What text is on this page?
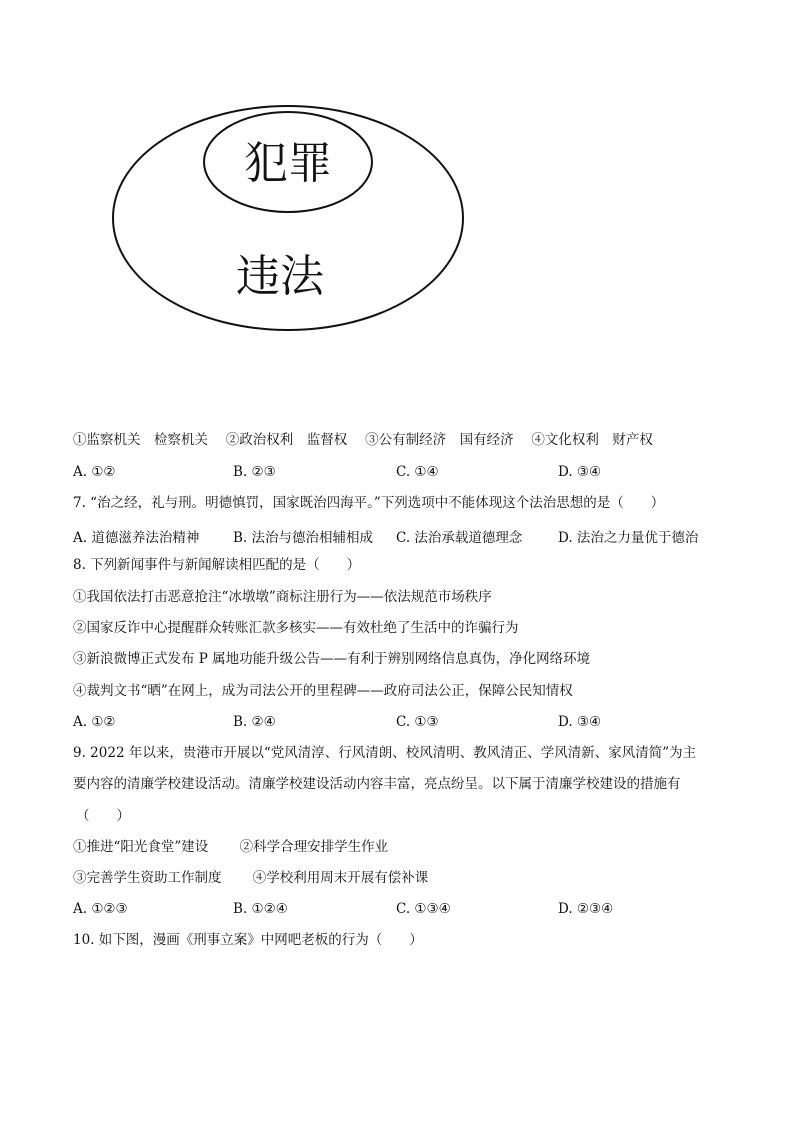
犯罪
违法
①监察机关　检察机关　 ②政治权利　监督权　 ③公有制经济　国有经济　 ④文化权利　财产权
A. ①②	B. ②③	C. ①④	D. ③④
7. “治之经，礼与刑。明德慎罚，国家既治四海平。”下列选项中不能体现这个法治思想的是（　　）
A. 道德滋养法治精神 B. 法治与德治相辅相成 C. 法治承载道德理念	D. 法治之力量优于德治
8. 下列新闻事件与新闻解读相匹配的是（　　）
①我国依法打击恶意抢注“冰墩墩”商标注册行为——依法规范市场秩序
②国家反诈中心提醒群众转账汇款多核实——有效杜绝了生活中的诈骗行为
③新浪微博正式发布 P 属地功能升级公告——有利于辨别网络信息真伪，净化网络环境
④裁判文书“晒”在网上，成为司法公开的里程碑——政府司法公正，保障公民知情权
A. ①②	B. ②④	C. ①③	D. ③④
9. 2022 年以来，贵港市开展以“党风清淳、行风清朗、校风清明、教风清正、学风清新、家风清简”为主
要内容的清廉学校建设活动。清廉学校建设活动内容丰富，亮点纷呈。以下属于清廉学校建设的措施有
（　　）
①推进“阳光食堂”建设　　 ②科学合理安排学生作业
③完善学生资助工作制度　　 ④学校利用周末开展有偿补课
A. ①②③	B. ①②④	C. ①③④	D. ②③④
10. 如下图，漫画《刑事立案》中网吧老板的行为（　　）
